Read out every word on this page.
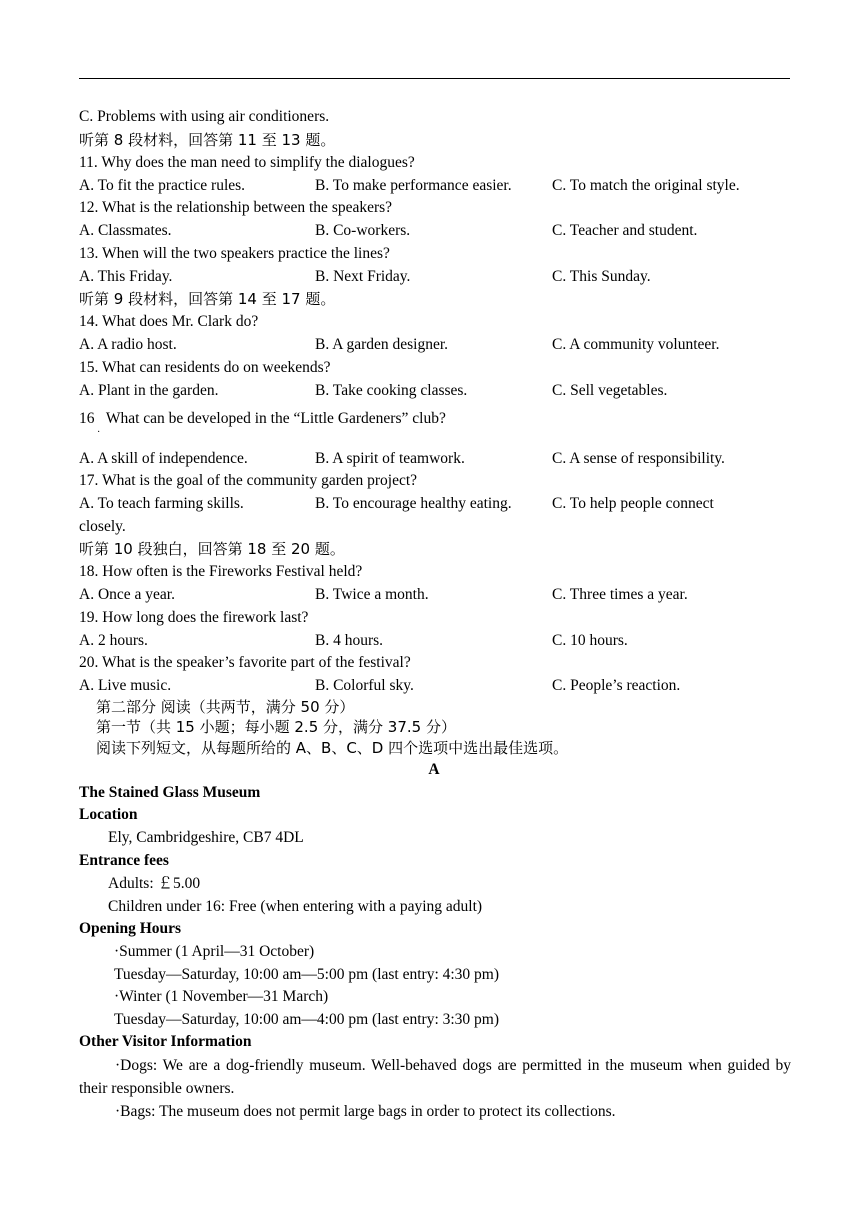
C. Problems with using air conditioners.
听第 8 段材料，回答第 11 至 13 题。
11. Why does the man need to simplify the dialogues?
A. To fit the practice rules.	B. To make performance easier.	C. To match the original style.
12. What is the relationship between the speakers?
A. Classmates.	B. Co-workers.	C. Teacher and student.
13. When will the two speakers practice the lines?
A. This Friday.	B. Next Friday.	C. This Sunday.
听第 9 段材料，回答第 14 至 17 题。
14. What does Mr. Clark do?
A. A radio host.	B. A garden designer.	C. A community volunteer.
15. What can residents do on weekends?
A. Plant in the garden.	B. Take cooking classes.	C. Sell vegetables.
16   What can be developed in the “Little Gardeners” club?
·
A. A skill of independence.	B. A spirit of teamwork.	C. A sense of responsibility.
17. What is the goal of the community garden project?
A. To teach farming skills.	B. To encourage healthy eating.	C. To help people connect
closely.
听第 10 段独白，回答第 18 至 20 题。
18. How often is the Fireworks Festival held?
A. Once a year.	B. Twice a month.	C. Three times a year.
19. How long does the firework last?
A. 2 hours.	B. 4 hours.	C. 10 hours.
20. What is the speaker’s favorite part of the festival?
A. Live music.	B. Colorful sky.	C. People’s reaction.
第二部分 阅读（共两节，满分 50 分）
第一节（共 15 小题；每小题 2.5 分，满分 37.5 分）
阅读下列短文，从每题所给的 A、B、C、D 四个选项中选出最佳选项。
A
The Stained Glass Museum
Location
Ely, Cambridgeshire, CB7 4DL
Entrance fees
Adults: ￡5.00
Children under 16: Free (when entering with a paying adult)
Opening Hours
·Summer (1 April—31 October)
Tuesday—Saturday, 10:00 am—5:00 pm (last entry: 4:30 pm)
·Winter (1 November—31 March)
Tuesday—Saturday, 10:00 am—4:00 pm (last entry: 3:30 pm)
Other Visitor Information
·Dogs: We are a dog-friendly museum. Well-behaved dogs are permitted in the museum when guided by their responsible owners.
·Bags: The museum does not permit large bags in order to protect its collections.
